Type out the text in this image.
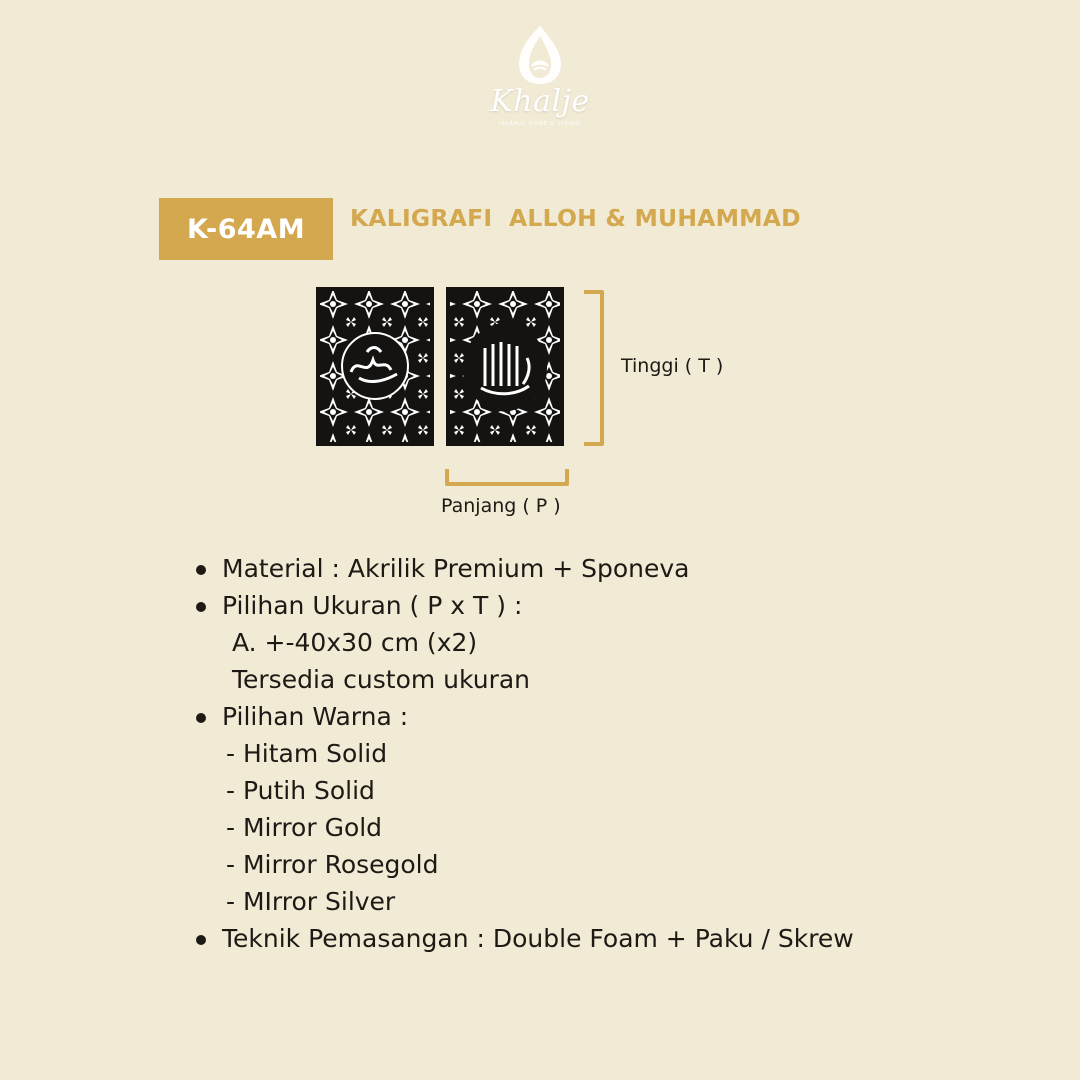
Khalje
ISLAMIC HOME & LIVING
K-64AM	KALIGRAFI  ALLOH & MUHAMMAD
Tinggi ( T )
Panjang ( P )
Material : Akrilik Premium + Sponeva
Pilihan Ukuran ( P x T ) :
A. +-40x30 cm (x2)
Tersedia custom ukuran
Pilihan Warna :
- Hitam Solid
- Putih Solid
- Mirror Gold
- Mirror Rosegold
- MIrror Silver
Teknik Pemasangan : Double Foam + Paku / Skrew
